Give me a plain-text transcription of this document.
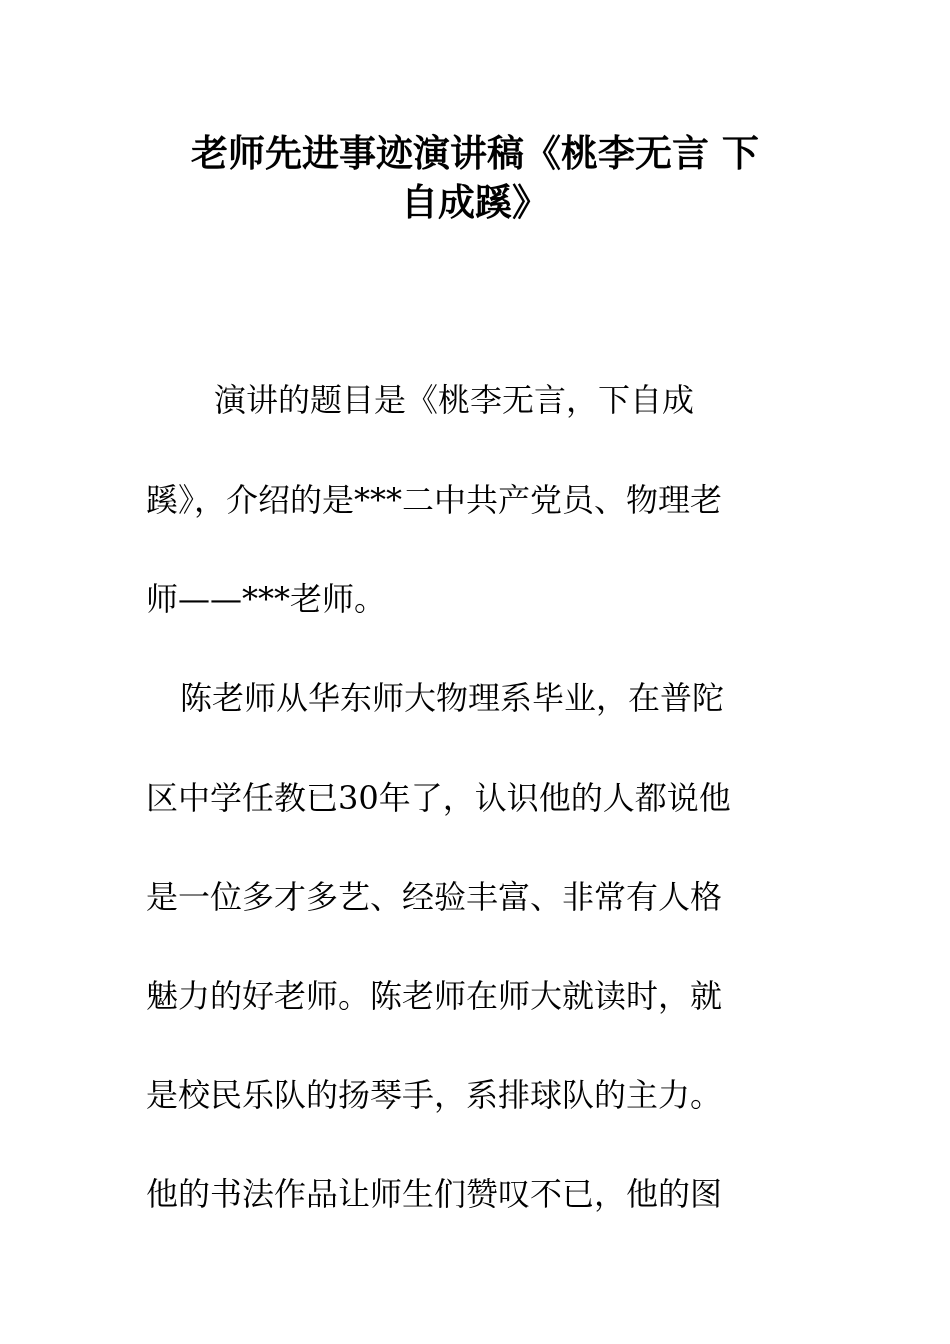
老师先进事迹演讲稿《桃李无言 下
自成蹊》
演讲的题目是《桃李无言，下自成
蹊》，介绍的是***二中共产党员、物理老
师——***老师。
陈老师从华东师大物理系毕业，在普陀
区中学任教已30年了，认识他的人都说他
是一位多才多艺、经验丰富、非常有人格
魅力的好老师。陈老师在师大就读时，就
是校民乐队的扬琴手，系排球队的主力。
他的书法作品让师生们赞叹不已，他的图
